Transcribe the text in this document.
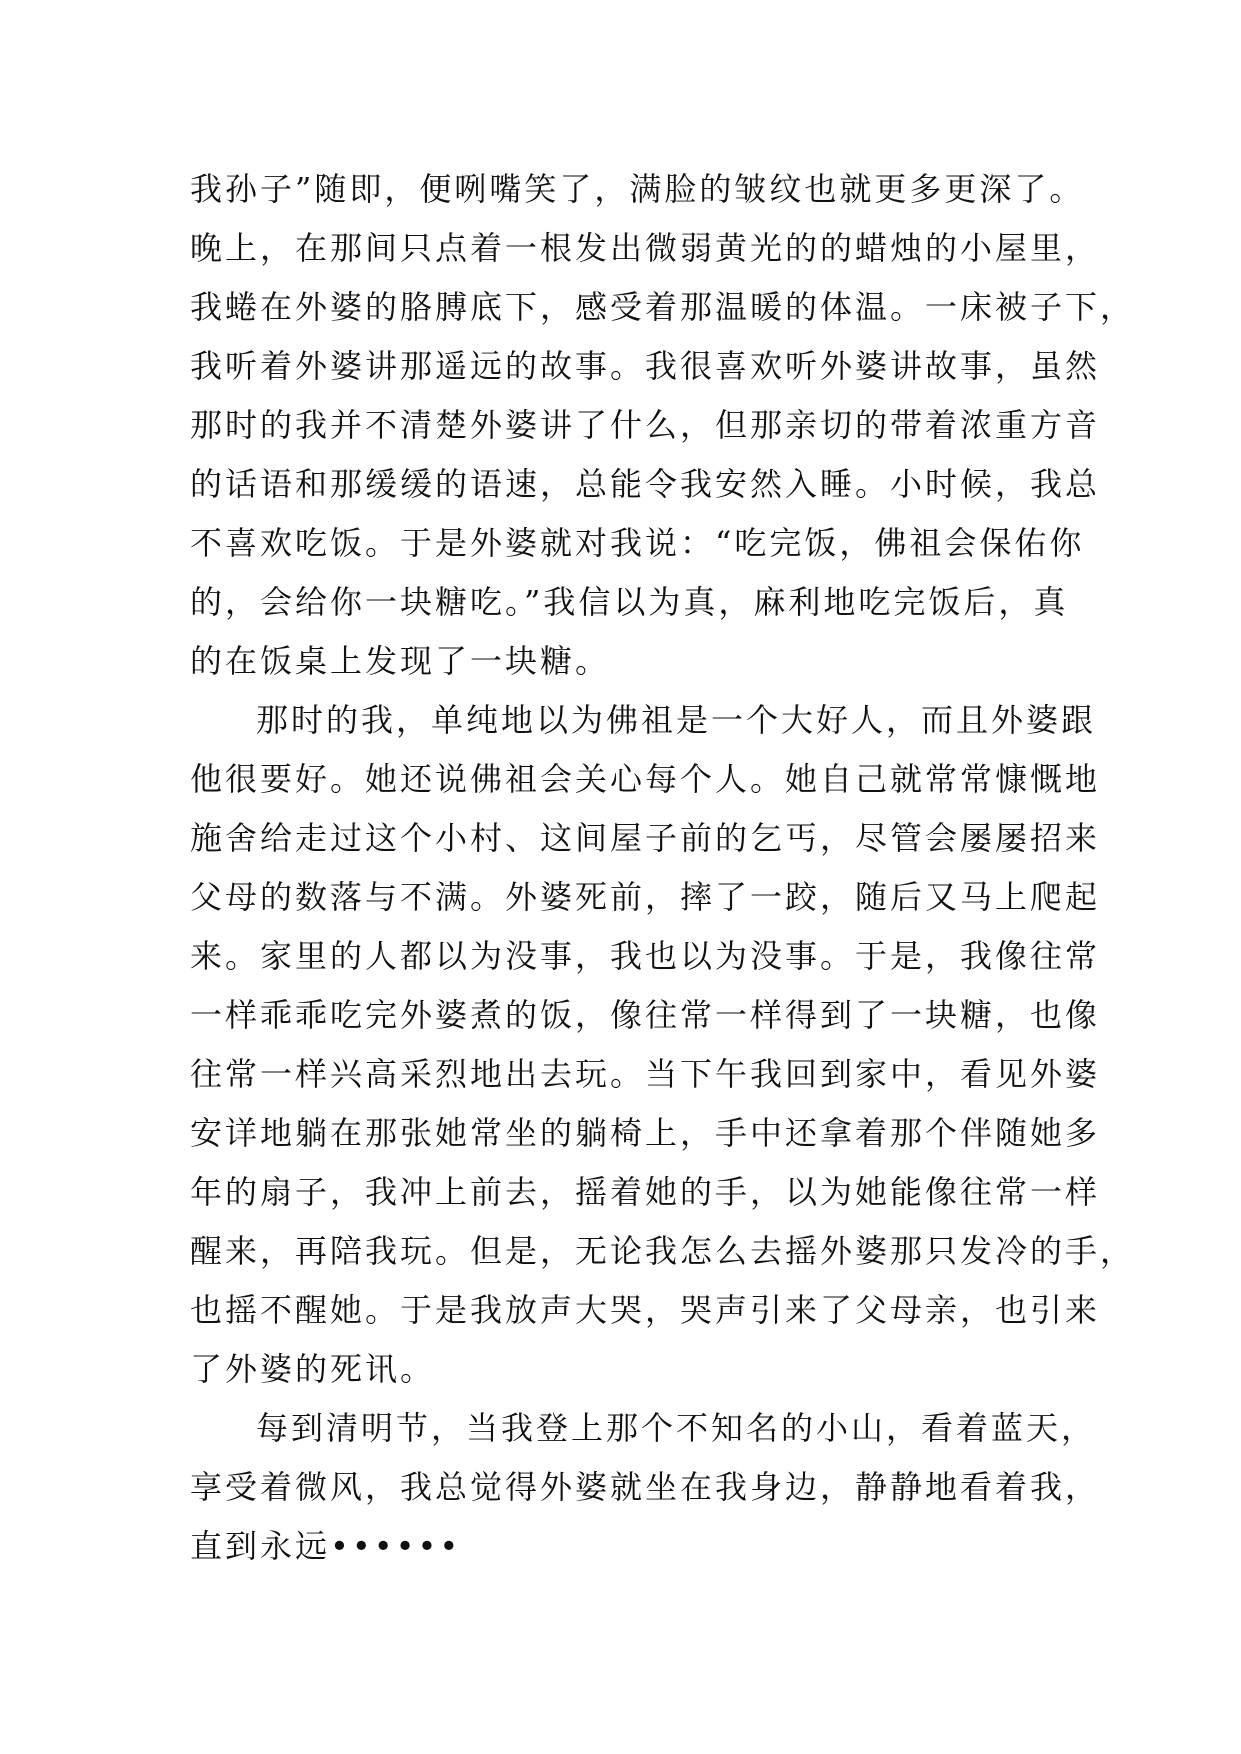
我孙子”随即，便咧嘴笑了，满脸的皱纹也就更多更深了。
晚上，在那间只点着一根发出微弱黄光的的蜡烛的小屋里，
我蜷在外婆的胳膊底下，感受着那温暖的体温。一床被子下，
我听着外婆讲那遥远的故事。我很喜欢听外婆讲故事，虽然
那时的我并不清楚外婆讲了什么，但那亲切的带着浓重方音
的话语和那缓缓的语速，总能令我安然入睡。小时候，我总
不喜欢吃饭。于是外婆就对我说：“吃完饭，佛祖会保佑你
的，会给你一块糖吃。”我信以为真，麻利地吃完饭后，真
的在饭桌上发现了一块糖。
那时的我，单纯地以为佛祖是一个大好人，而且外婆跟
他很要好。她还说佛祖会关心每个人。她自己就常常慷慨地
施舍给走过这个小村、这间屋子前的乞丐，尽管会屡屡招来
父母的数落与不满。外婆死前，摔了一跤，随后又马上爬起
来。家里的人都以为没事，我也以为没事。于是，我像往常
一样乖乖吃完外婆煮的饭，像往常一样得到了一块糖，也像
往常一样兴高采烈地出去玩。当下午我回到家中，看见外婆
安详地躺在那张她常坐的躺椅上，手中还拿着那个伴随她多
年的扇子，我冲上前去，摇着她的手，以为她能像往常一样
醒来，再陪我玩。但是，无论我怎么去摇外婆那只发冷的手，
也摇不醒她。于是我放声大哭，哭声引来了父母亲，也引来
了外婆的死讯。
每到清明节，当我登上那个不知名的小山，看着蓝天，
享受着微风，我总觉得外婆就坐在我身边，静静地看着我，
直到永远••••••
